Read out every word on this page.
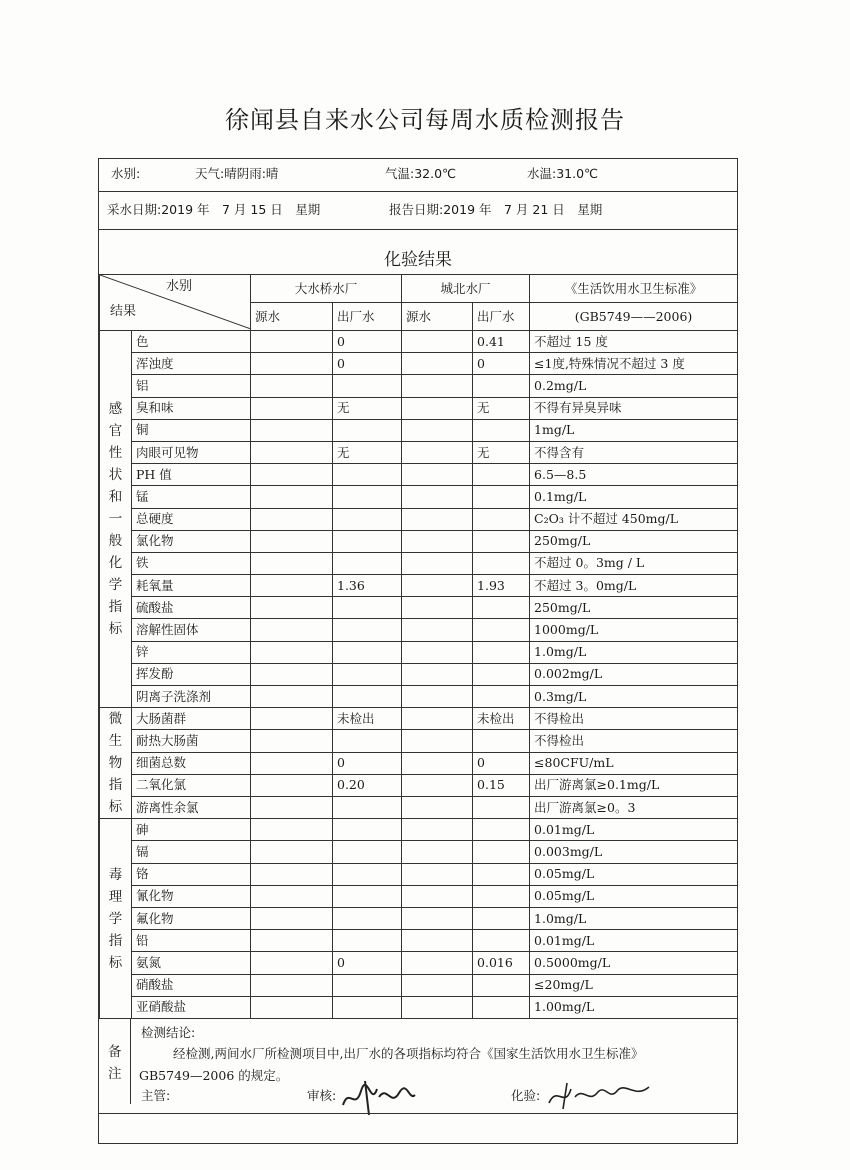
徐闻县自来水公司每周水质检测报告
水别:	天气:晴阴雨:晴	气温:32.0℃	水温:31.0℃
采水日期:2019 年　7 月 15 日　星期	报告日期:2019 年　7 月 21 日　星期
化验结果
水别
结果		大水桥水厂		城北水厂		《生活饮用水卫生标准》
		源水	出厂水	源水	出厂水	(GB5749——2006)

感官性状和一般化学指标	色		0		0.41	不超过 15 度
	浑浊度		0		0	≤1度,特殊情况不超过 3 度
	铝					0.2mg/L
	臭和味		无		无	不得有异臭异味
	铜					1mg/L
	肉眼可见物		无		无	不得含有
	PH 值					6.5—8.5
	锰					0.1mg/L
	总硬度					C₂O₃ 计不超过 450mg/L
	氯化物					250mg/L
	铁					不超过 0。3mg / L
	耗氧量		1.36		1.93	不超过 3。0mg/L
	硫酸盐					250mg/L
	溶解性固体					1000mg/L
	锌					1.0mg/L
	挥发酚					0.002mg/L
	阴离子洗涤剂					0.3mg/L

微生物指标	大肠菌群		未检出		未检出	不得检出
	耐热大肠菌					不得检出
	细菌总数		0		0	≤80CFU/mL
	二氧化氯		0.20		0.15	出厂游离氯≥0.1mg/L
	游离性余氯					出厂游离氯≥0。3

毒理学指标	砷					0.01mg/L
	镉					0.003mg/L
	铬					0.05mg/L
	氰化物					0.05mg/L
	氟化物					1.0mg/L
	铅					0.01mg/L
	氨氮		0		0.016	0.5000mg/L
	硝酸盐					≤20mg/L
	亚硝酸盐					1.00mg/L
备注
检测结论:
经检测,两间水厂所检测项目中,出厂水的各项指标均符合《国家生活饮用水卫生标准》
GB5749—2006 的规定。
主管:	审核:	化验:
